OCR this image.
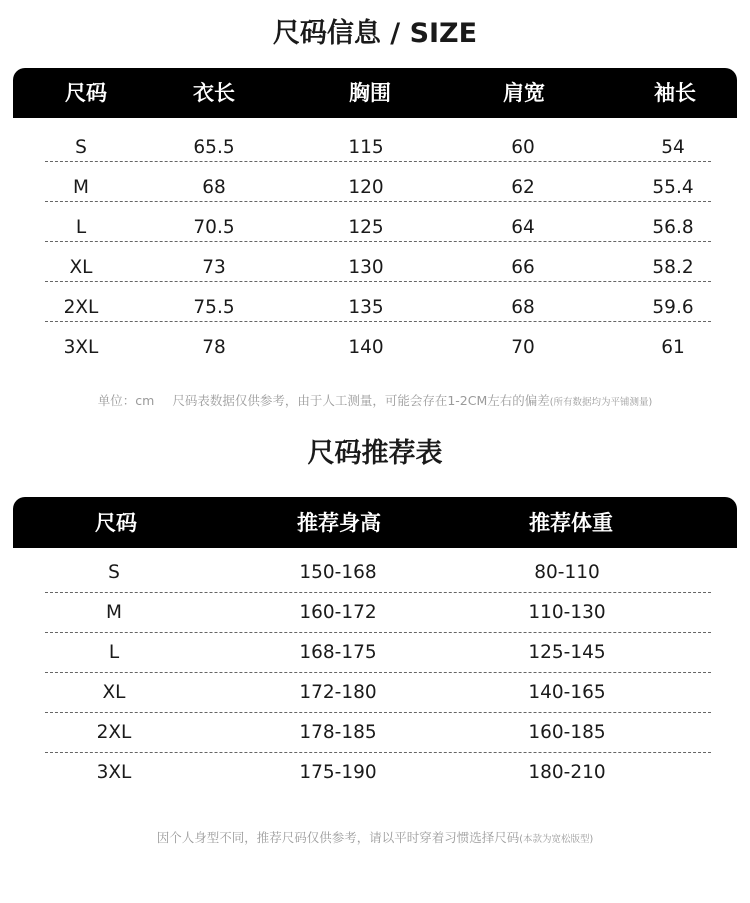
尺码信息 / SIZE
尺码	衣长	胸围	肩宽	袖长
S	65.5	115	60	54
M	68	120	62	55.4
L	70.5	125	64	56.8
XL	73	130	66	58.2
2XL	75.5	135	68	59.6
3XL	78	140	70	61
单位：cm 尺码表数据仅供参考，由于人工测量，可能会存在1-2CM左右的偏差(所有数据均为平铺测量)
尺码推荐表
尺码	推荐身高	推荐体重
S	150-168	80-110
M	160-172	110-130
L	168-175	125-145
XL	172-180	140-165
2XL	178-185	160-185
3XL	175-190	180-210
因个人身型不同，推荐尺码仅供参考，请以平时穿着习惯选择尺码(本款为宽松版型)
